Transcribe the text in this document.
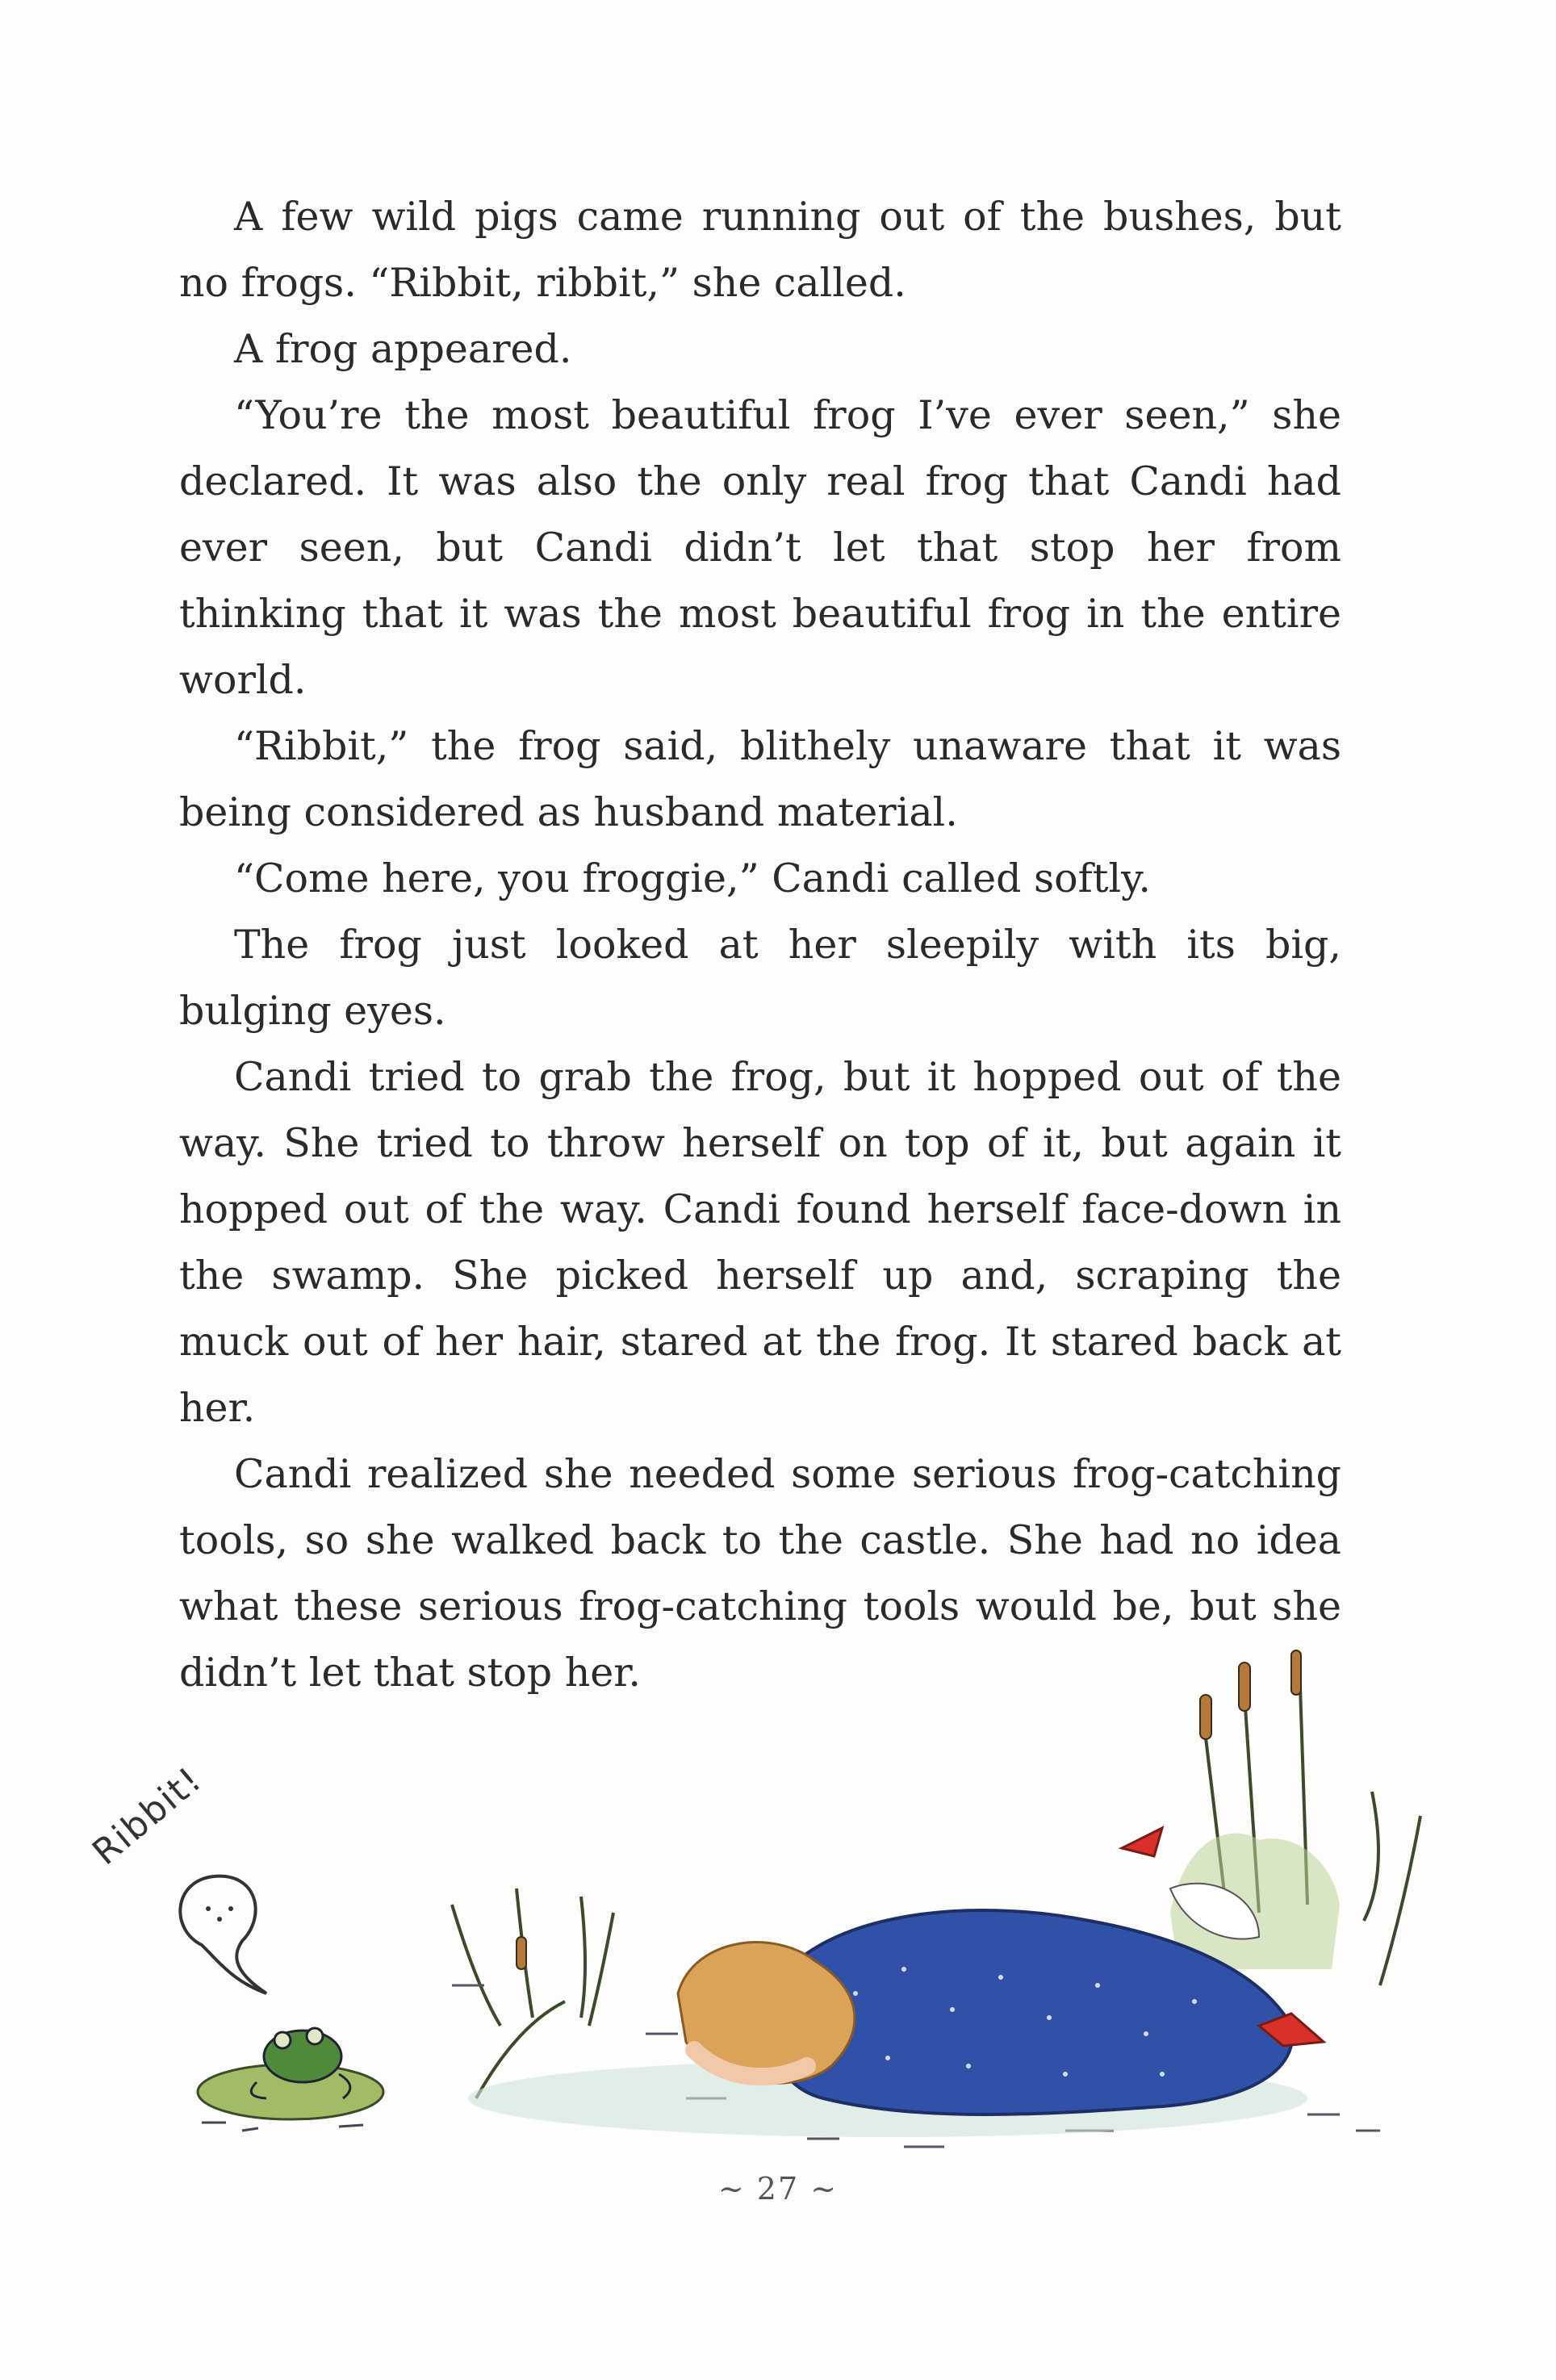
A few wild pigs came running out of the bushes, but no frogs. “Ribbit, ribbit,” she called.

A frog appeared.

“You’re the most beautiful frog I’ve ever seen,” she declared. It was also the only real frog that Candi had ever seen, but Candi didn’t let that stop her from thinking that it was the most beautiful frog in the entire world.

“Ribbit,” the frog said, blithely unaware that it was being considered as husband material.

“Come here, you froggie,” Candi called softly.

The frog just looked at her sleepily with its big, bulging eyes.

Candi tried to grab the frog, but it hopped out of the way. She tried to throw herself on top of it, but again it hopped out of the way. Candi found herself face-down in the swamp. She picked herself up and, scraping the muck out of her hair, stared at the frog. It stared back at her.

Candi realized she needed some serious frog-catching tools, so she walked back to the castle. She had no idea what these serious frog-catching tools would be, but she didn’t let that stop her.

Ribbit!
~ 27 ~
